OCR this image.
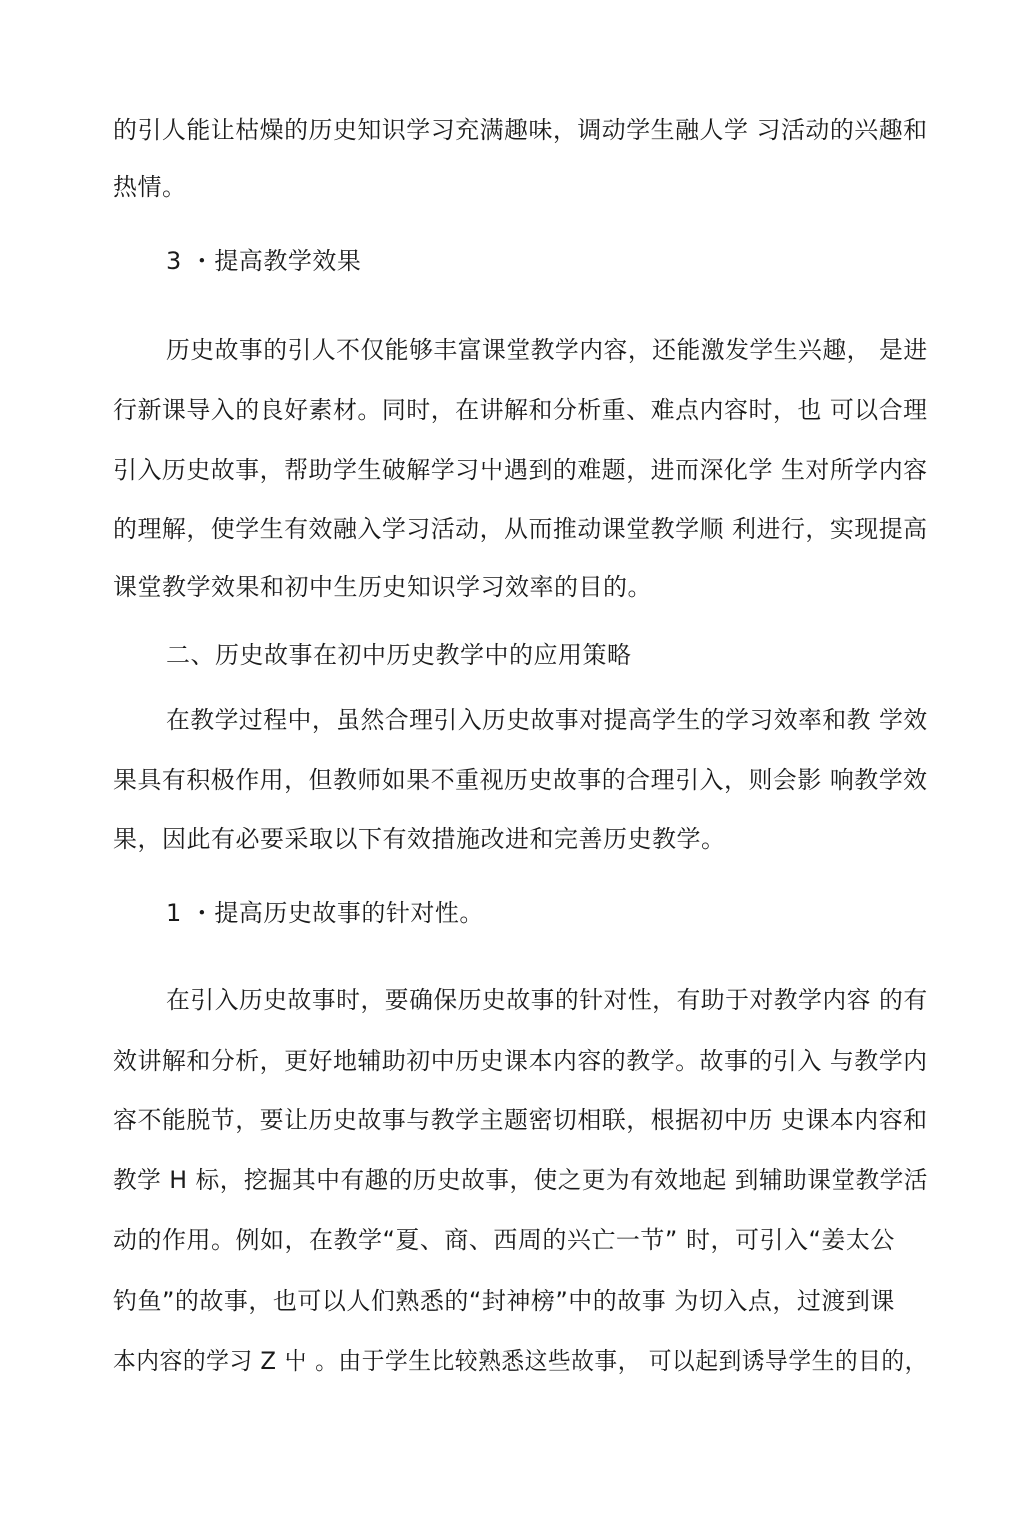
的引人能让枯燥的历史知识学习充满趣味，调动学生融人学 习活动的兴趣和
热情。
3 ・提高教学效果
历史故事的引人不仅能够丰富课堂教学内容，还能激发学生兴趣， 是进
行新课导入的良好素材。同时，在讲解和分析重、难点内容时，也 可以合理
引入历史故事，帮助学生破解学习屮遇到的难题，进而深化学 生对所学内容
的理解，使学生有效融入学习活动，从而推动课堂教学顺 利进行，实现提高
课堂教学效果和初中生历史知识学习效率的目的。
二、历史故事在初中历史教学中的应用策略
在教学过程中，虽然合理引入历史故事对提高学生的学习效率和教 学效
果具有积极作用，但教师如果不重视历史故事的合理引入，则会影 响教学效
果，因此有必要采取以下有效措施改进和完善历史教学。
1 ・提高历史故事的针对性。
在引入历史故事时，要确保历史故事的针对性，有助于对教学内容 的有
效讲解和分析，更好地辅助初中历史课本内容的教学。故事的引入 与教学内
容不能脱节，要让历史故事与教学主题密切相联，根据初中历 史课本内容和
教学 H 标，挖掘其中有趣的历史故事，使之更为有效地起 到辅助课堂教学活
动的作用。例如，在教学“夏、商、西周的兴亡一节” 时，可引入“姜太公
钓鱼”的故事，也可以人们熟悉的“封神榜”中的故事 为切入点，过渡到课
本内容的学习 Z 屮 。由于学生比较熟悉这些故事， 可以起到诱导学生的目的，
